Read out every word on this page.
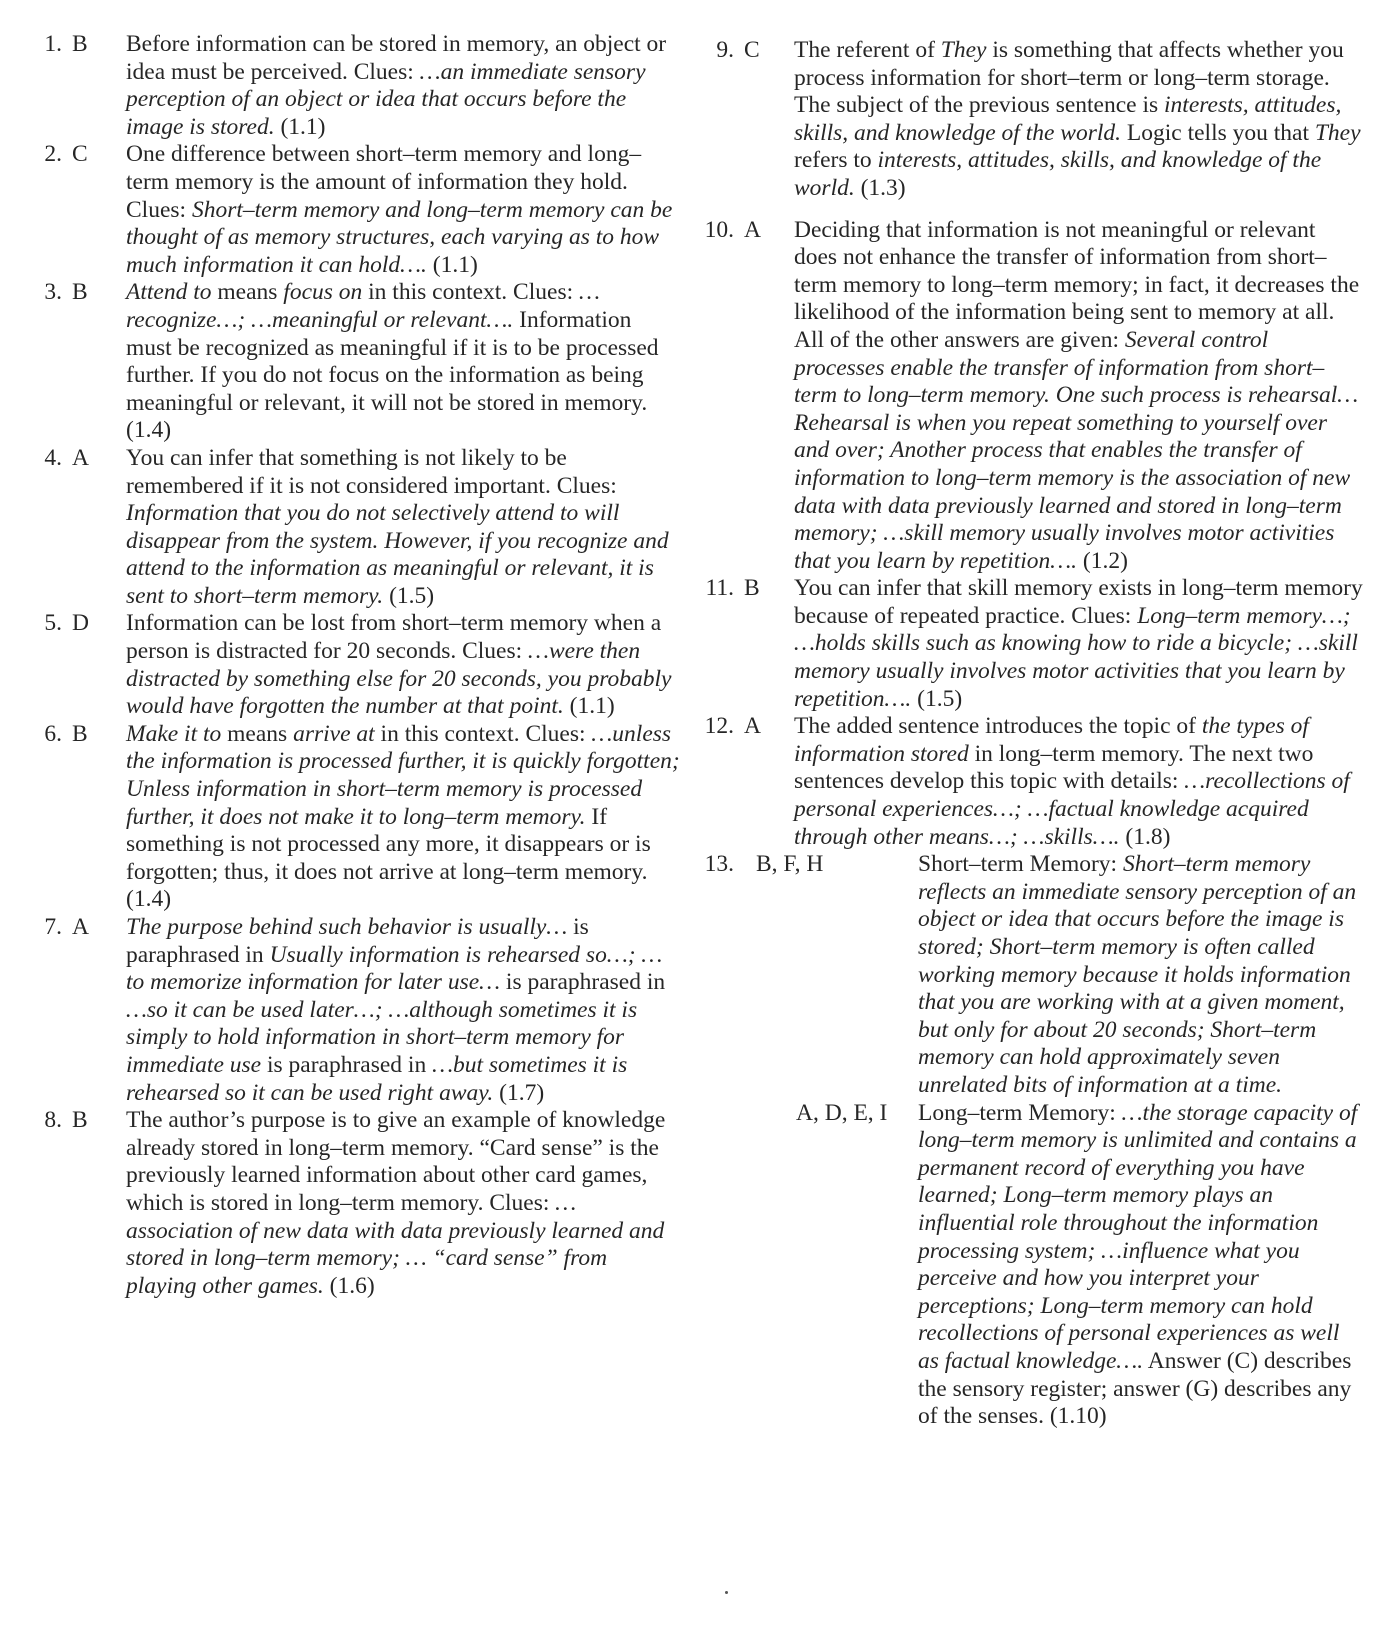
1. B	Before information can be stored in memory, an object or idea must be perceived. Clues: …an immediate sensory perception of an object or idea that occurs before the image is stored. (1.1)
2. C	One difference between short–term memory and long–term memory is the amount of information they hold. Clues: Short–term memory and long–term memory can be thought of as memory structures, each varying as to how much information it can hold…. (1.1)
3. B	Attend to means focus on in this context. Clues: …recognize…; …meaningful or relevant…. Information must be recognized as meaningful if it is to be processed further. If you do not focus on the information as being meaningful or relevant, it will not be stored in memory. (1.4)
4. A	You can infer that something is not likely to be remembered if it is not considered important. Clues: Information that you do not selectively attend to will disappear from the system. However, if you recognize and attend to the information as meaningful or relevant, it is sent to short–term memory. (1.5)
5. D	Information can be lost from short–term memory when a person is distracted for 20 seconds. Clues: …were then distracted by something else for 20 seconds, you probably would have forgotten the number at that point. (1.1)
6. B	Make it to means arrive at in this context. Clues: …unless the information is processed further, it is quickly forgotten; Unless information in short–term memory is processed further, it does not make it to long–term memory. If something is not processed any more, it disappears or is forgotten; thus, it does not arrive at long–term memory. (1.4)
7. A	The purpose behind such behavior is usually… is paraphrased in Usually information is rehearsed so…; …to memorize information for later use… is paraphrased in …so it can be used later…; …although sometimes it is simply to hold information in short–term memory for immediate use is paraphrased in …but sometimes it is rehearsed so it can be used right away. (1.7)
8. B	The author’s purpose is to give an example of knowledge already stored in long–term memory. “Card sense” is the previously learned information about other card games, which is stored in long–term memory. Clues: …association of new data with data previously learned and stored in long–term memory; … “card sense” from playing other games. (1.6)
9. C	The referent of They is something that affects whether you process information for short–term or long–term storage. The subject of the previous sentence is interests, attitudes, skills, and knowledge of the world. Logic tells you that They refers to interests, attitudes, skills, and knowledge of the world. (1.3)
10. A	Deciding that information is not meaningful or relevant does not enhance the transfer of information from short–term memory to long–term memory; in fact, it decreases the likelihood of the information being sent to memory at all. All of the other answers are given: Several control processes enable the transfer of information from short–term to long–term memory. One such process is rehearsal… Rehearsal is when you repeat something to yourself over and over; Another process that enables the transfer of information to long–term memory is the association of new data with data previously learned and stored in long–term memory; …skill memory usually involves motor activities that you learn by repetition…. (1.2)
11. B	You can infer that skill memory exists in long–term memory because of repeated practice. Clues: Long–term memory…; …holds skills such as knowing how to ride a bicycle; …skill memory usually involves motor activities that you learn by repetition…. (1.5)
12. A	The added sentence introduces the topic of the types of information stored in long–term memory. The next two sentences develop this topic with details: …recollections of personal experiences…; …factual knowledge acquired through other means…; …skills…. (1.8)
13. B, F, H	Short–term Memory: Short–term memory reflects an immediate sensory perception of an object or idea that occurs before the image is stored; Short–term memory is often called working memory because it holds information that you are working with at a given moment, but only for about 20 seconds; Short–term memory can hold approximately seven unrelated bits of information at a time.
A, D, E, I	Long–term Memory: …the storage capacity of long–term memory is unlimited and contains a permanent record of everything you have learned; Long–term memory plays an influential role throughout the information processing system; …influence what you perceive and how you interpret your perceptions; Long–term memory can hold recollections of personal experiences as well as factual knowledge…. Answer (C) describes the sensory register; answer (G) describes any of the senses. (1.10)
